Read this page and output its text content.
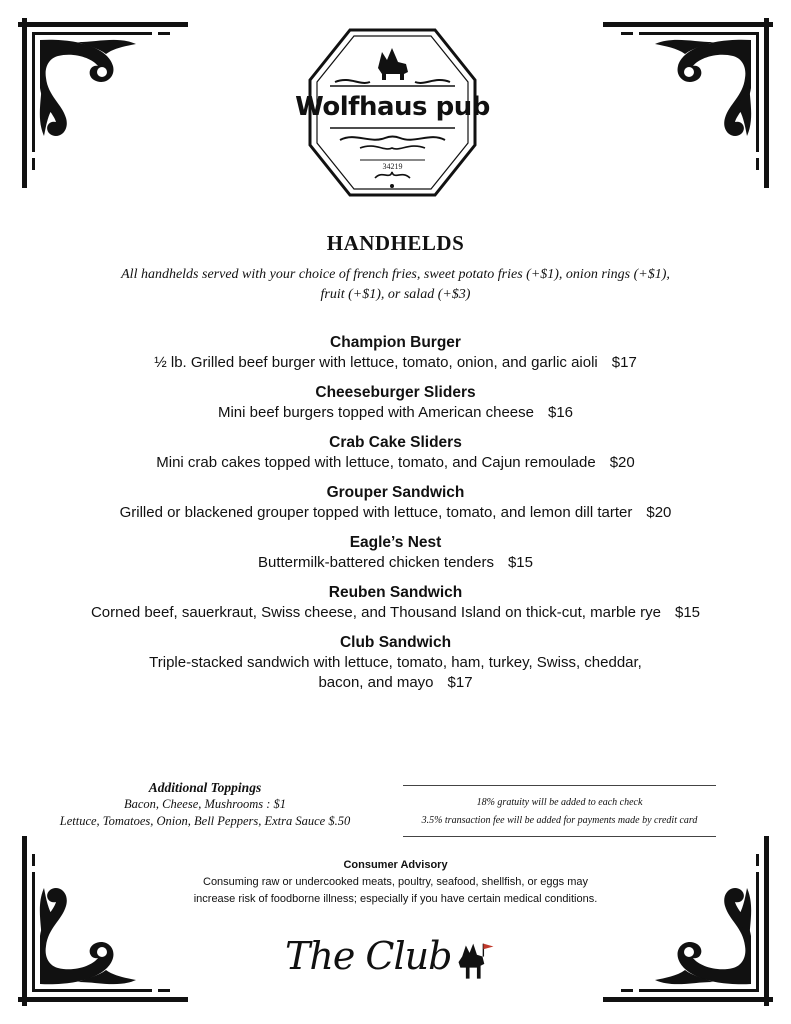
Wolfhaus pub
34219
HANDHELDS
All handhelds served with your choice of french fries, sweet potato fries (+$1), onion rings (+$1),
fruit (+$1), or salad (+$3)
Champion Burger
½ lb. Grilled beef burger with lettuce, tomato, onion, and garlic aioli $17
Cheeseburger Sliders
Mini beef burgers topped with American cheese $16
Crab Cake Sliders
Mini crab cakes topped with lettuce, tomato, and Cajun remoulade $20
Grouper Sandwich
Grilled or blackened grouper topped with lettuce, tomato, and lemon dill tarter $20
Eagle’s Nest
Buttermilk-battered chicken tenders $15
Reuben Sandwich
Corned beef, sauerkraut, Swiss cheese, and Thousand Island on thick-cut, marble rye $15
Club Sandwich
Triple-stacked sandwich with lettuce, tomato, ham, turkey, Swiss, cheddar,
bacon, and mayo $17
Additional Toppings
Bacon, Cheese, Mushrooms : $1
Lettuce, Tomatoes, Onion, Bell Peppers, Extra Sauce $.50
18% gratuity will be added to each check
3.5% transaction fee will be added for payments made by credit card
Consumer Advisory
Consuming raw or undercooked meats, poultry, seafood, shellfish, or eggs may
increase risk of foodborne illness; especially if you have certain medical conditions.
The Club
